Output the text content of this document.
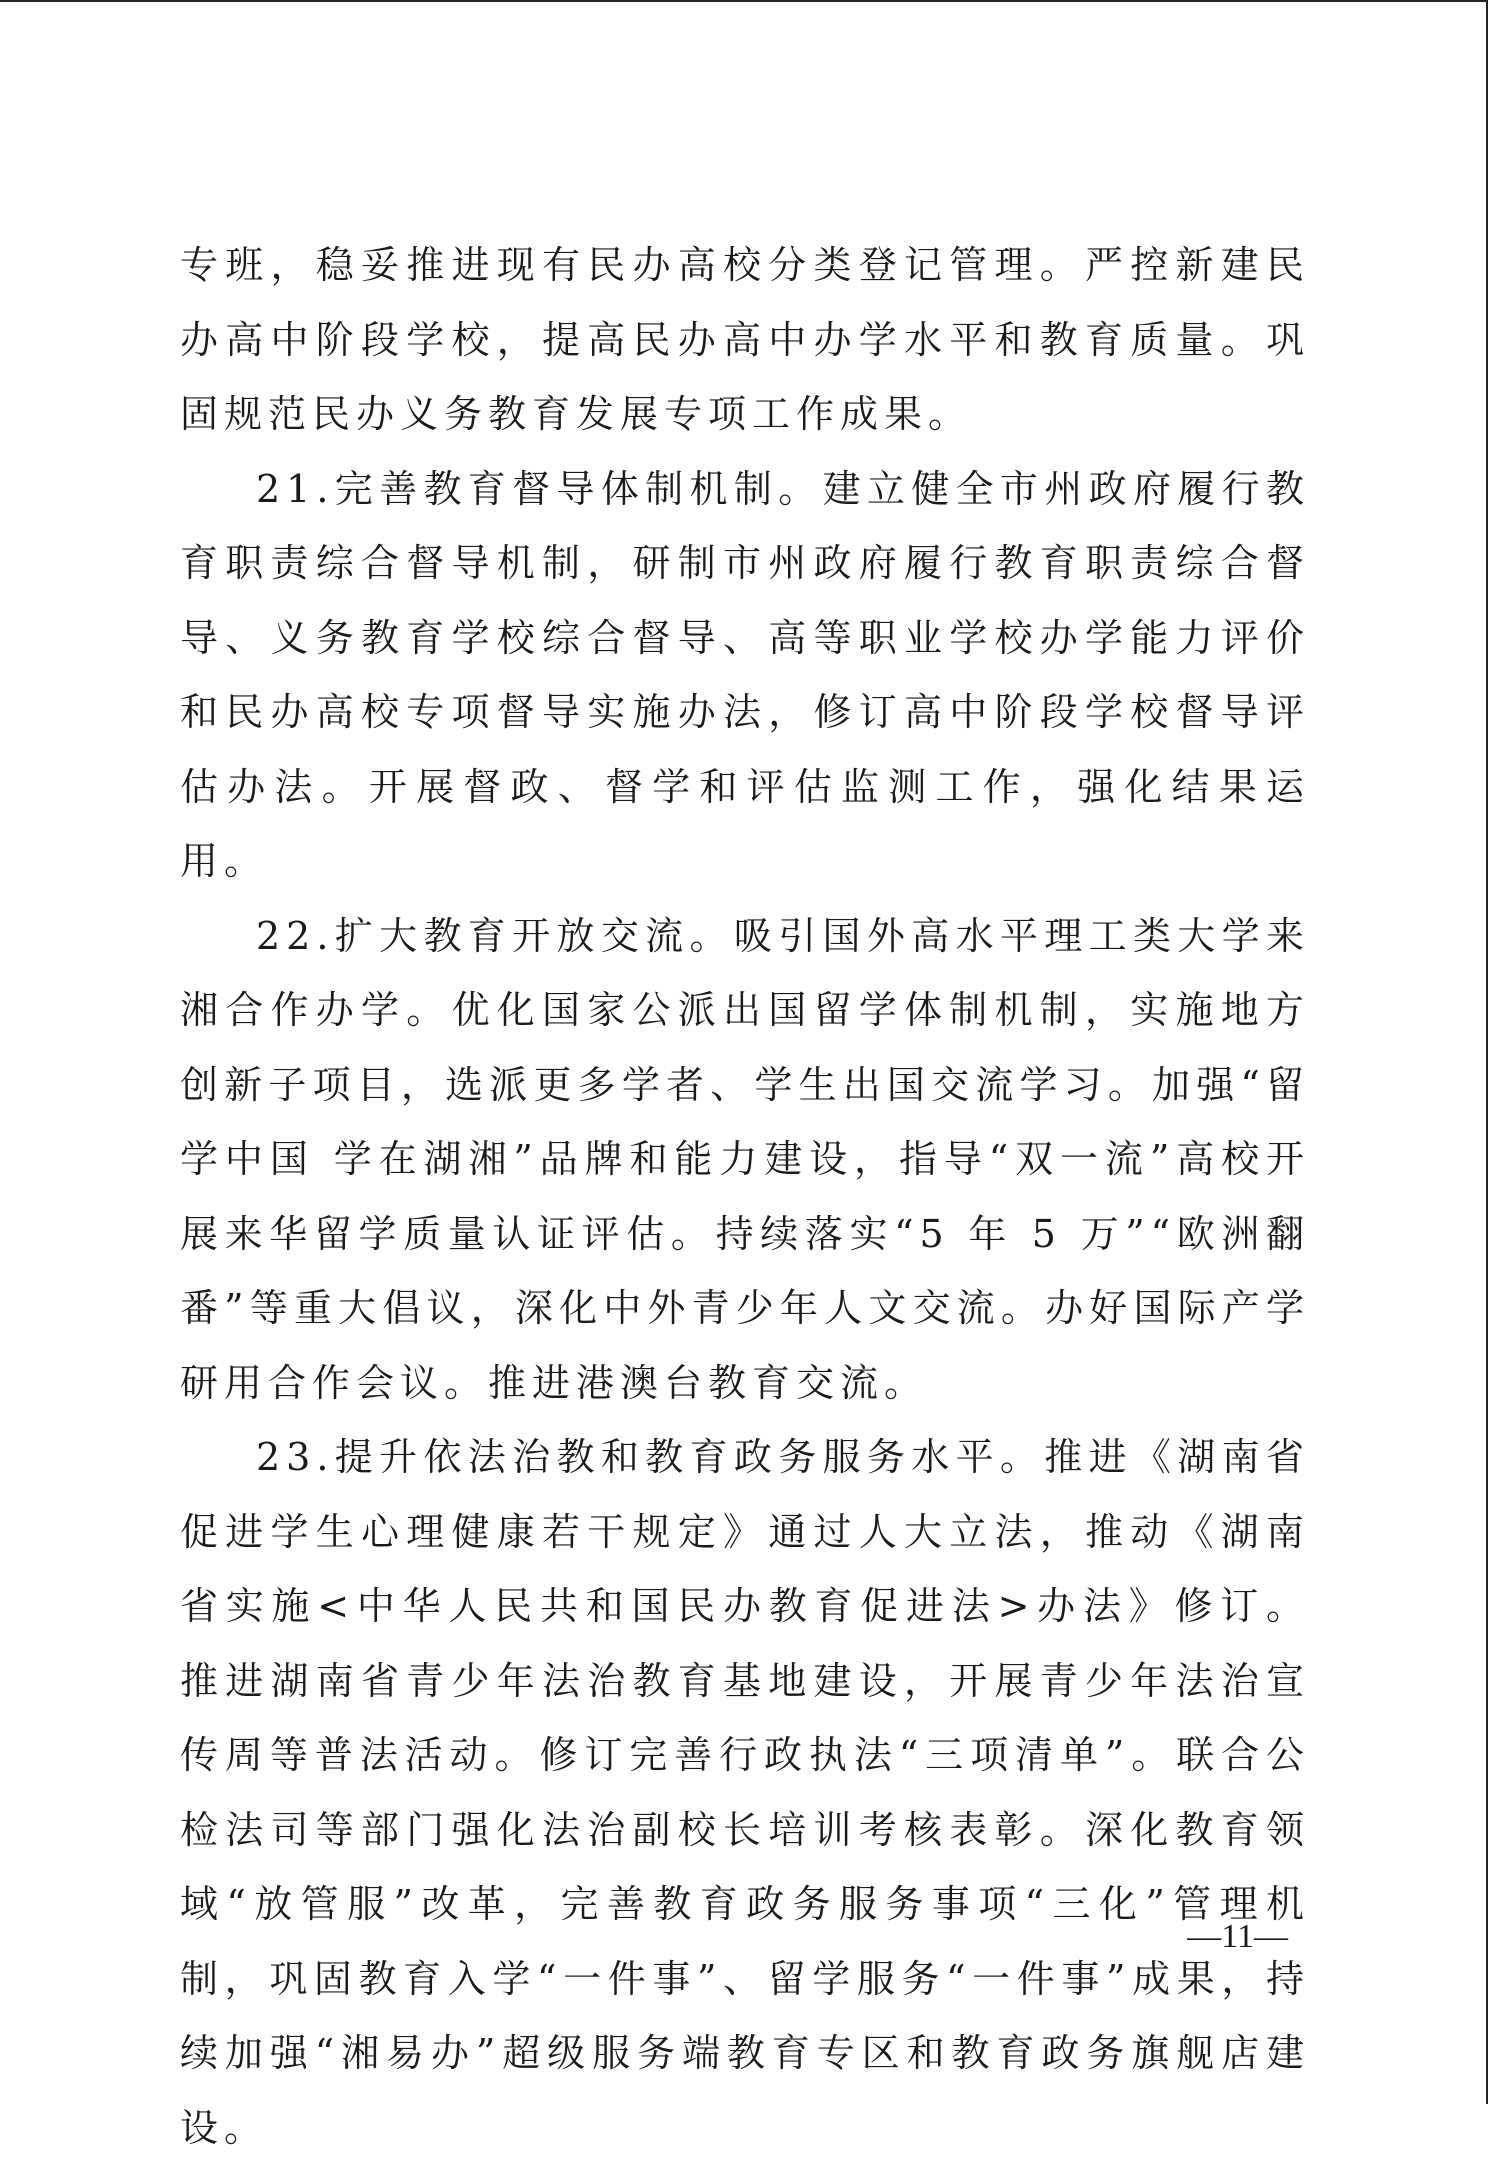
专班，稳妥推进现有民办高校分类登记管理。严控新建民办高中阶段学校，提高民办高中办学水平和教育质量。巩固规范民办义务教育发展专项工作成果。

21.完善教育督导体制机制。建立健全市州政府履行教育职责综合督导机制，研制市州政府履行教育职责综合督导、义务教育学校综合督导、高等职业学校办学能力评价和民办高校专项督导实施办法，修订高中阶段学校督导评估办法。开展督政、督学和评估监测工作，强化结果运用。

22.扩大教育开放交流。吸引国外高水平理工类大学来湘合作办学。优化国家公派出国留学体制机制，实施地方创新子项目，选派更多学者、学生出国交流学习。加强“留学中国 学在湖湘”品牌和能力建设，指导“双一流”高校开展来华留学质量认证评估。持续落实“5 年 5 万”“欧洲翻番”等重大倡议，深化中外青少年人文交流。办好国际产学研用合作会议。推进港澳台教育交流。

23.提升依法治教和教育政务服务水平。推进《湖南省促进学生心理健康若干规定》通过人大立法，推动《湖南省实施<中华人民共和国民办教育促进法>办法》修订。推进湖南省青少年法治教育基地建设，开展青少年法治宣传周等普法活动。修订完善行政执法“三项清单”。联合公检法司等部门强化法治副校长培训考核表彰。深化教育领域“放管服”改革，完善教育政务服务事项“三化”管理机制，巩固教育入学“一件事”、留学服务“一件事”成果，持续加强“湘易办”超级服务端教育专区和教育政务旗舰店建设。

—11—
